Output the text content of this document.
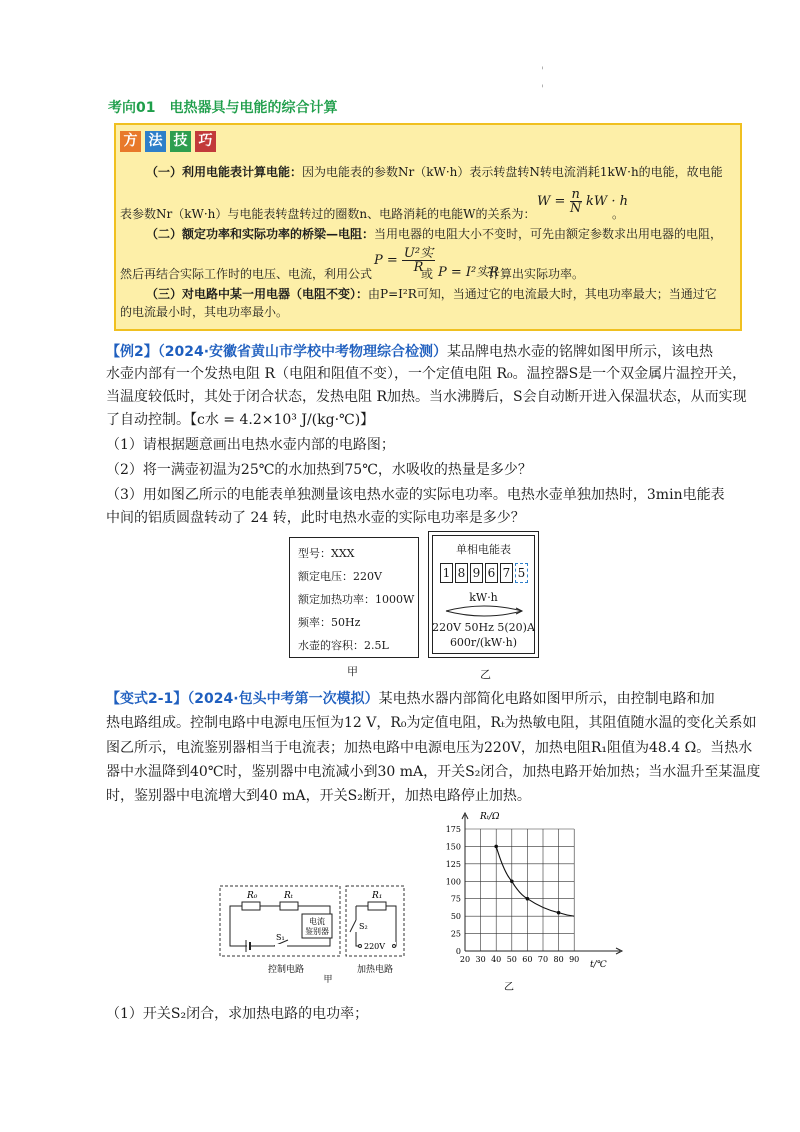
'
'
考向01　电热器具与电能的综合计算
方 法 技 巧
（一）利用电能表计算电能：因为电能表的参数Nr（kW·h）表示转盘转N转电流消耗1kW·h的电能，故电能
表参数Nr（kW·h）与电能表转盘转过的圈数n、电路消耗的电能W的关系为：
$W = \frac{n}{N}$ kW · h
。
（二）额定功率和实际功率的桥梁—电阻：当用电器的电阻大小不变时，可先由额定参数求出用电器的电阻，
然后再结合实际工作时的电压、电流，利用公式
$P = \frac{\text{U²实}}{R}$
或 P = I²实R
计算出实际功率。
（三）对电路中某一用电器（电阻不变）：由P=I²R可知，当通过它的电流最大时，其电功率最大；当通过它
的电流最小时，其电功率最小。
【例2】（2024·安徽省黄山市学校中考物理综合检测）某品牌电热水壶的铭牌如图甲所示，该电热
水壶内部有一个发热电阻 R（电阻和阻值不变），一个定值电阻 R₀。温控器S是一个双金属片温控开关，
当温度较低时，其处于闭合状态，发热电阻 R加热。当水沸腾后，S会自动断开进入保温状态，从而实现
了自动控制。【c水 = 4.2×10³ J/(kg·℃)】
（1）请根据题意画出电热水壶内部的电路图；
（2）将一满壶初温为25℃的水加热到75℃，水吸收的热量是多少？
（3）用如图乙所示的电能表单独测量该电热水壶的实际电功率。电热水壶单独加热时，3min电能表
中间的铝质圆盘转动了 24 转，此时电热水壶的实际电功率是多少？
型号：XXX
额定电压：220V
额定加热功率：1000W
频率：50Hz
水壶的容积：2.5L
甲
单相电能表
1 8 9 6 7 5
kW·h
220V 50Hz 5(20)A
600r/(kW·h)
乙
【变式2-1】（2024·包头中考第一次模拟）某电热水器内部简化电路如图甲所示，由控制电路和加
热电路组成。控制电路中电源电压恒为12 V，R₀为定值电阻，Rₜ为热敏电阻，其阻值随水温的变化关系如
图乙所示，电流鉴别器相当于电流表；加热电路中电源电压为220V，加热电阻R₁阻值为48.4 Ω。当热水
器中水温降到40℃时，鉴别器中电流减小到30 mA，开关S₂闭合，加热电路开始加热；当水温升至某温度
时，鉴别器中电流增大到40 mA，开关S₂断开，加热电路停止加热。
R₀	Rₜ
电流
鉴别器
S₁
R₁
S₂
220V
控制电路	加热电路
甲
20 30 40 50 60 70 80 90
0
25
50
75
100
125
150
175
Rₜ/Ω
t/℃
乙
（1）开关S₂闭合，求加热电路的电功率；
